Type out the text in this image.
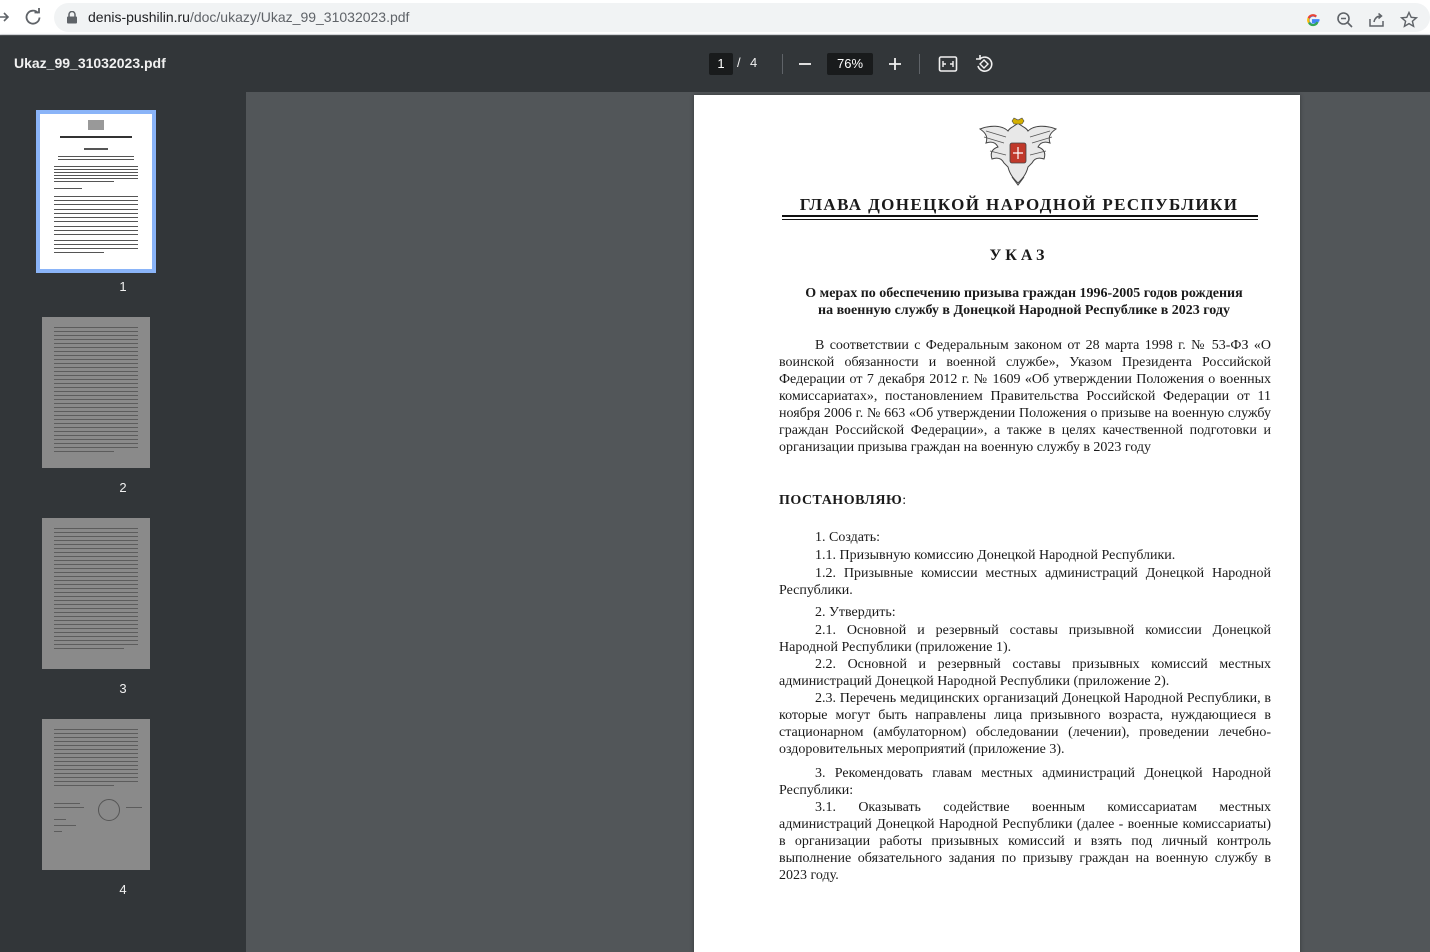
denis-pushilin.ru/doc/ukazy/Ukaz_99_31032023.pdf
Ukaz_99_31032023.pdf	1 / 4	76%
1
2
3
4
ГЛАВА ДОНЕЦКОЙ НАРОДНОЙ РЕСПУБЛИКИ
УКАЗ
О мерах по обеспечению призыва граждан 1996-2005 годов рождения
на военную службу в Донецкой Народной Республике в 2023 году
В соответствии с Федеральным законом от 28 марта 1998 г. № 53-ФЗ «О воинской обязанности и военной службе», Указом Президента Российской Федерации от 7 декабря 2012 г. № 1609 «Об утверждении Положения о военных комиссариатах», постановлением Правительства Российской Федерации от 11 ноября 2006 г. № 663 «Об утверждении Положения о призыве на военную службу граждан Российской Федерации», а также в целях качественной подготовки и организации призыва граждан на военную службу в 2023 году
ПОСТАНОВЛЯЮ:
1. Создать:
1.1. Призывную комиссию Донецкой Народной Республики.
1.2. Призывные комиссии местных администраций Донецкой Народной Республики.
2. Утвердить:
2.1. Основной и резервный составы призывной комиссии Донецкой Народной Республики (приложение 1).
2.2. Основной и резервный составы призывных комиссий местных администраций Донецкой Народной Республики (приложение 2).
2.3. Перечень медицинских организаций Донецкой Народной Республики, в которые могут быть направлены лица призывного возраста, нуждающиеся в стационарном (амбулаторном) обследовании (лечении), проведении лечебно-оздоровительных мероприятий (приложение 3).
3. Рекомендовать главам местных администраций Донецкой Народной Республики:
3.1. Оказывать содействие военным комиссариатам местных администраций Донецкой Народной Республики (далее - военные комиссариаты) в организации работы призывных комиссий и взять под личный контроль выполнение обязательного задания по призыву граждан на военную службу в 2023 году.
